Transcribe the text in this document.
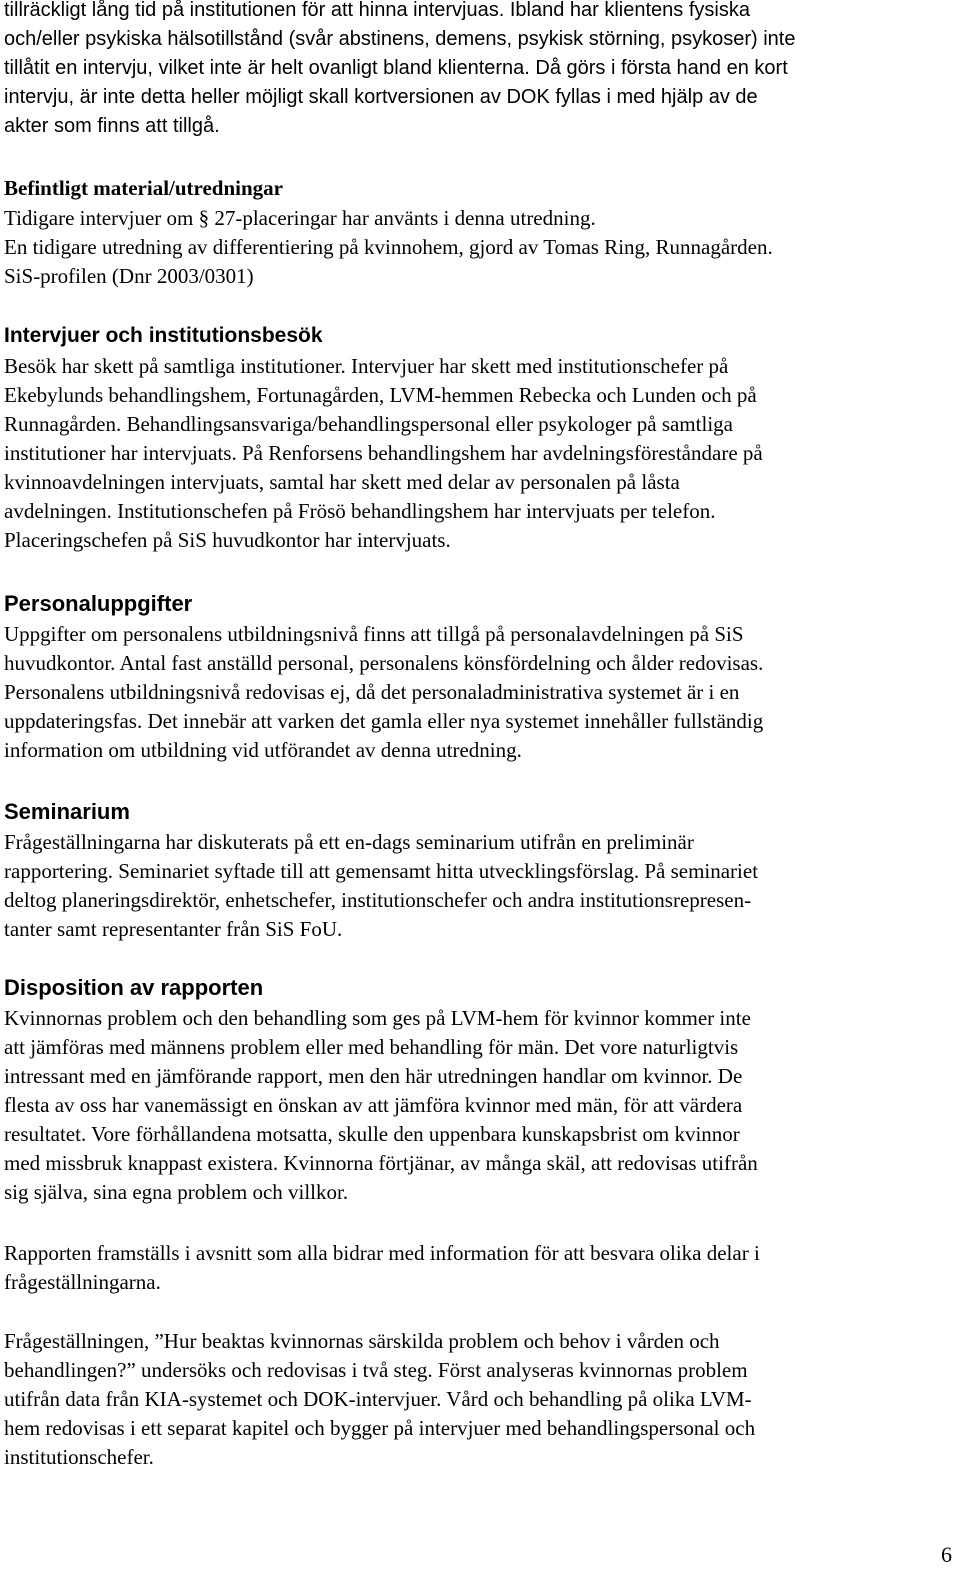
tillräckligt lång tid på institutionen för att hinna intervjuas. Ibland har klientens fysiska
och/eller psykiska hälsotillstånd (svår abstinens, demens, psykisk störning, psykoser) inte
tillåtit en intervju, vilket inte är helt ovanligt bland klienterna. Då görs i första hand en kort
intervju, är inte detta heller möjligt skall kortversionen av DOK fyllas i med hjälp av de
akter som finns att tillgå.
Befintligt material/utredningar
Tidigare intervjuer om § 27-placeringar har använts i denna utredning.
En tidigare utredning av differentiering på kvinnohem, gjord av Tomas Ring, Runnagården.
SiS-profilen (Dnr 2003/0301)
Intervjuer och institutionsbesök
Besök har skett på samtliga institutioner. Intervjuer har skett med institutionschefer på
Ekebylunds behandlingshem, Fortunagården, LVM-hemmen Rebecka och Lunden och på
Runnagården. Behandlingsansvariga/behandlingspersonal eller psykologer på samtliga
institutioner har intervjuats. På Renforsens behandlingshem har avdelningsföreståndare på
kvinnoavdelningen intervjuats, samtal har skett med delar av personalen på låsta
avdelningen. Institutionschefen på Frösö behandlingshem har intervjuats per telefon.
Placeringschefen på SiS huvudkontor har intervjuats.
Personaluppgifter
Uppgifter om personalens utbildningsnivå finns att tillgå på personalavdelningen på SiS
huvudkontor. Antal fast anställd personal, personalens könsfördelning och ålder redovisas.
Personalens utbildningsnivå redovisas ej, då det personaladministrativa systemet är i en
uppdateringsfas. Det innebär att varken det gamla eller nya systemet innehåller fullständig
information om utbildning vid utförandet av denna utredning.
Seminarium
Frågeställningarna har diskuterats på ett en-dags seminarium utifrån en preliminär
rapportering. Seminariet syftade till att gemensamt hitta utvecklingsförslag. På seminariet
deltog planeringsdirektör, enhetschefer, institutionschefer och andra institutionsrepresen-
tanter samt representanter från SiS FoU.
Disposition av rapporten
Kvinnornas problem och den behandling som ges på LVM-hem för kvinnor kommer inte
att jämföras med männens problem eller med behandling för män. Det vore naturligtvis
intressant med en jämförande rapport, men den här utredningen handlar om kvinnor. De
flesta av oss har vanemässigt en önskan av att jämföra kvinnor med män, för att värdera
resultatet. Vore förhållandena motsatta, skulle den uppenbara kunskapsbrist om kvinnor
med missbruk knappast existera. Kvinnorna förtjänar, av många skäl, att redovisas utifrån
sig själva, sina egna problem och villkor.
Rapporten framställs i avsnitt som alla bidrar med information för att besvara olika delar i
frågeställningarna.
Frågeställningen, ”Hur beaktas kvinnornas särskilda problem och behov i vården och
behandlingen?” undersöks och redovisas i två steg. Först analyseras kvinnornas problem
utifrån data från KIA-systemet och DOK-intervjuer. Vård och behandling på olika LVM-
hem redovisas i ett separat kapitel och bygger på intervjuer med behandlingspersonal och
institutionschefer.
6
